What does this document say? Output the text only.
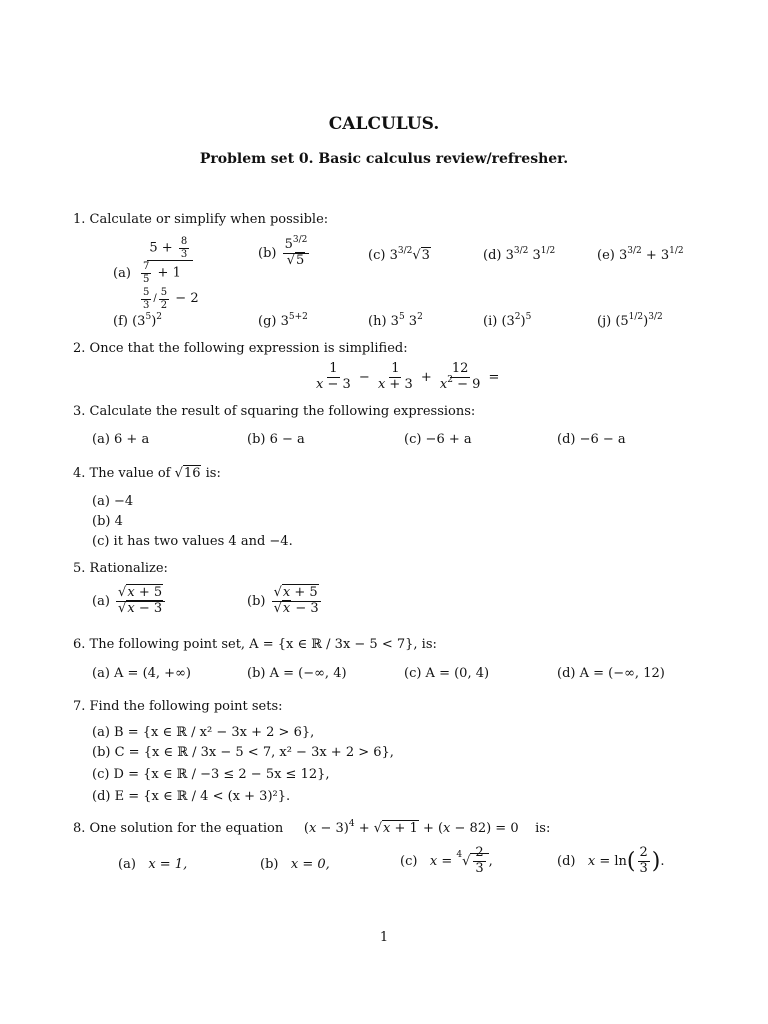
CALCULUS.
Problem set 0. Basic calculus review/refresher.
1. Calculate or simplify when possible:
(a)
$5 + \frac{8}{3}$
$\frac{7}{5} + 1$

$\frac{5}{3} / \frac{5}{2} - 2$
$(b) \frac{5^{3/2}}{√5}$	(c) $3^{3/2}√3$	(d) $3^{3/2}$ $3^{1/2}$	(e) $3^{3/2} + 3^{1/2}$
(f) $(3^5)^2$	(g) $3^{5+2}$	(h) $3^5$ $3^2$	(i) $(3^2)^5$	(j) $(5^{1/2})^{3/2}$
2. Once that the following expression is simplified:
$\frac{1}{x - 3} - \frac{1}{x + 3} + \frac{12}{x^2 - 9}$ =
3. Calculate the result of squaring the following expressions:
(a) 6 + a	(b) 6 − a	(c) −6 + a	(d) −6 − a
4. The value of √16 is:
(a) −4
(b) 4
(c) it has two values 4 and −4.
5. Rationalize:
$(a) \frac{√x + 5}{√x - 3}$	$(b) \frac{√x + 5}{√x - 3}$
6. The following point set, A = {x ∈ ℝ / 3x − 5 < 7}, is:
(a) A = (4, +∞)	(b) A = (−∞, 4)	(c) A = (0, 4)	(d) A = (−∞, 12)
7. Find the following point sets:
(a) B = {x ∈ ℝ / x² − 3x + 2 > 6},
(b) C = {x ∈ ℝ / 3x − 5 < 7, x² − 3x + 2 > 6},
(c) D = {x ∈ ℝ / −3 ≤ 2 − 5x ≤ 12},
(d) E = {x ∈ ℝ / 4 < (x + 3)²}.
8. One solution for the equation     $(x - 3)^4 + √x + 1 + (x - 82) = 0$    is:
(a) x = 1,	(b) x = 0,	(c) $x = ^4√ \frac{2}{3}$ ,	(d) $x = \ln( \frac{2}{3}$ ).
1
